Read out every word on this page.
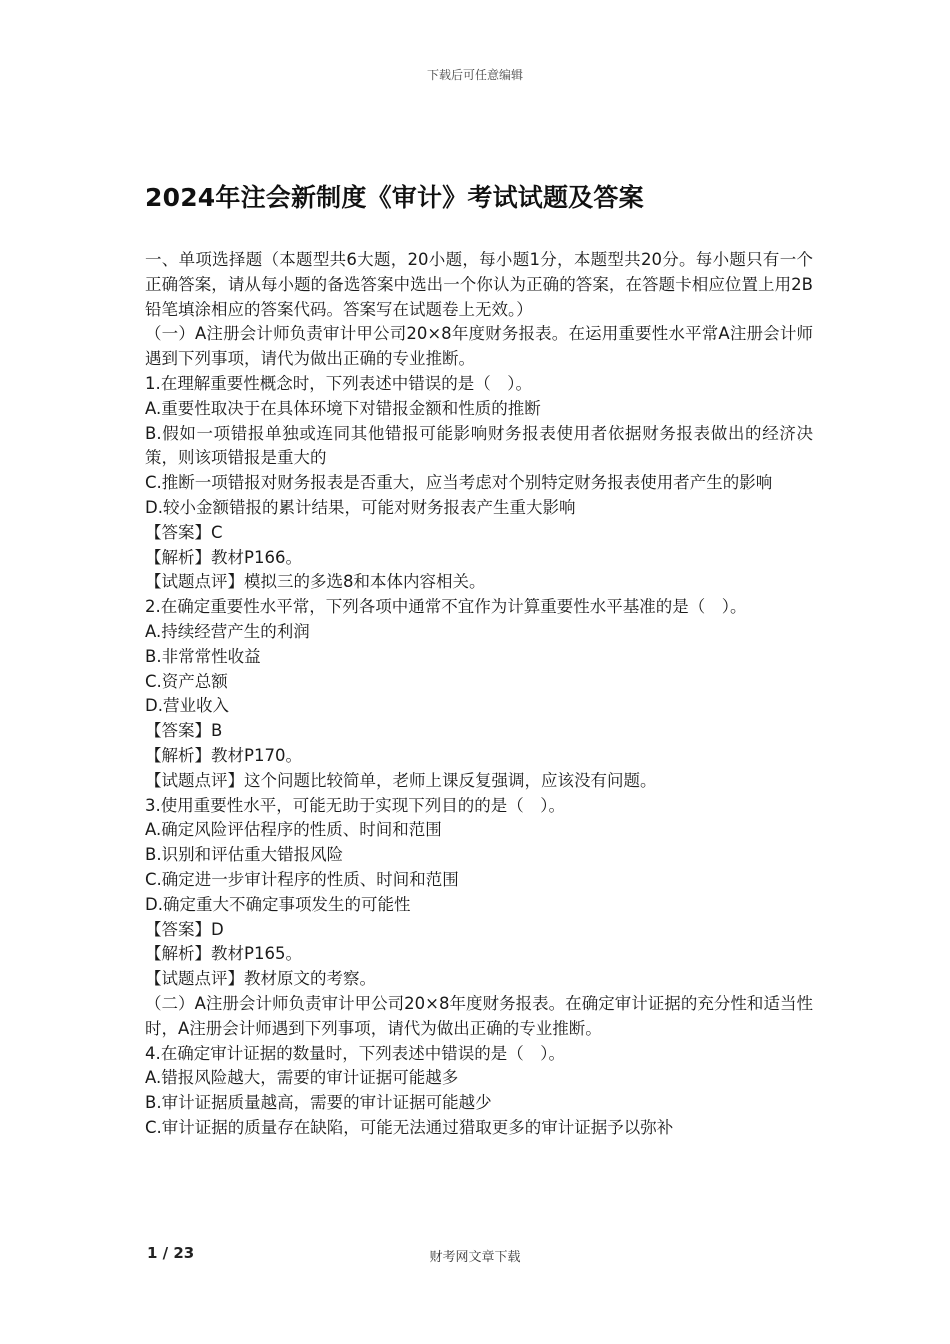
下载后可任意编辑
2024年注会新制度《审计》考试试题及答案

一、单项选择题（本题型共6大题，20小题，每小题1分，本题型共20分。每小题只有一个正确答案，请从每小题的备选答案中选出一个你认为正确的答案，在答题卡相应位置上用2B铅笔填涂相应的答案代码。答案写在试题卷上无效。）

（一）A注册会计师负责审计甲公司20×8年度财务报表。在运用重要性水平常A注册会计师遇到下列事项，请代为做出正确的专业推断。

1.在理解重要性概念时，下列表述中错误的是（　）。

A.重要性取决于在具体环境下对错报金额和性质的推断

B.假如一项错报单独或连同其他错报可能影响财务报表使用者依据财务报表做出的经济决策，则该项错报是重大的

C.推断一项错报对财务报表是否重大，应当考虑对个别特定财务报表使用者产生的影响

D.较小金额错报的累计结果，可能对财务报表产生重大影响

【答案】C

【解析】教材P166。

【试题点评】模拟三的多选8和本体内容相关。

2.在确定重要性水平常，下列各项中通常不宜作为计算重要性水平基准的是（　）。

A.持续经营产生的利润

B.非常常性收益

C.资产总额

D.营业收入

【答案】B

【解析】教材P170。

【试题点评】这个问题比较简单，老师上课反复强调，应该没有问题。

3.使用重要性水平，可能无助于实现下列目的的是（　）。

A.确定风险评估程序的性质、时间和范围

B.识别和评估重大错报风险

C.确定进一步审计程序的性质、时间和范围

D.确定重大不确定事项发生的可能性

【答案】D

【解析】教材P165。

【试题点评】教材原文的考察。

（二）A注册会计师负责审计甲公司20×8年度财务报表。在确定审计证据的充分性和适当性时，A注册会计师遇到下列事项，请代为做出正确的专业推断。

4.在确定审计证据的数量时，下列表述中错误的是（　）。

A.错报风险越大，需要的审计证据可能越多

B.审计证据质量越高，需要的审计证据可能越少

C.审计证据的质量存在缺陷，可能无法通过猎取更多的审计证据予以弥补

1 / 23	财考网文章下载
